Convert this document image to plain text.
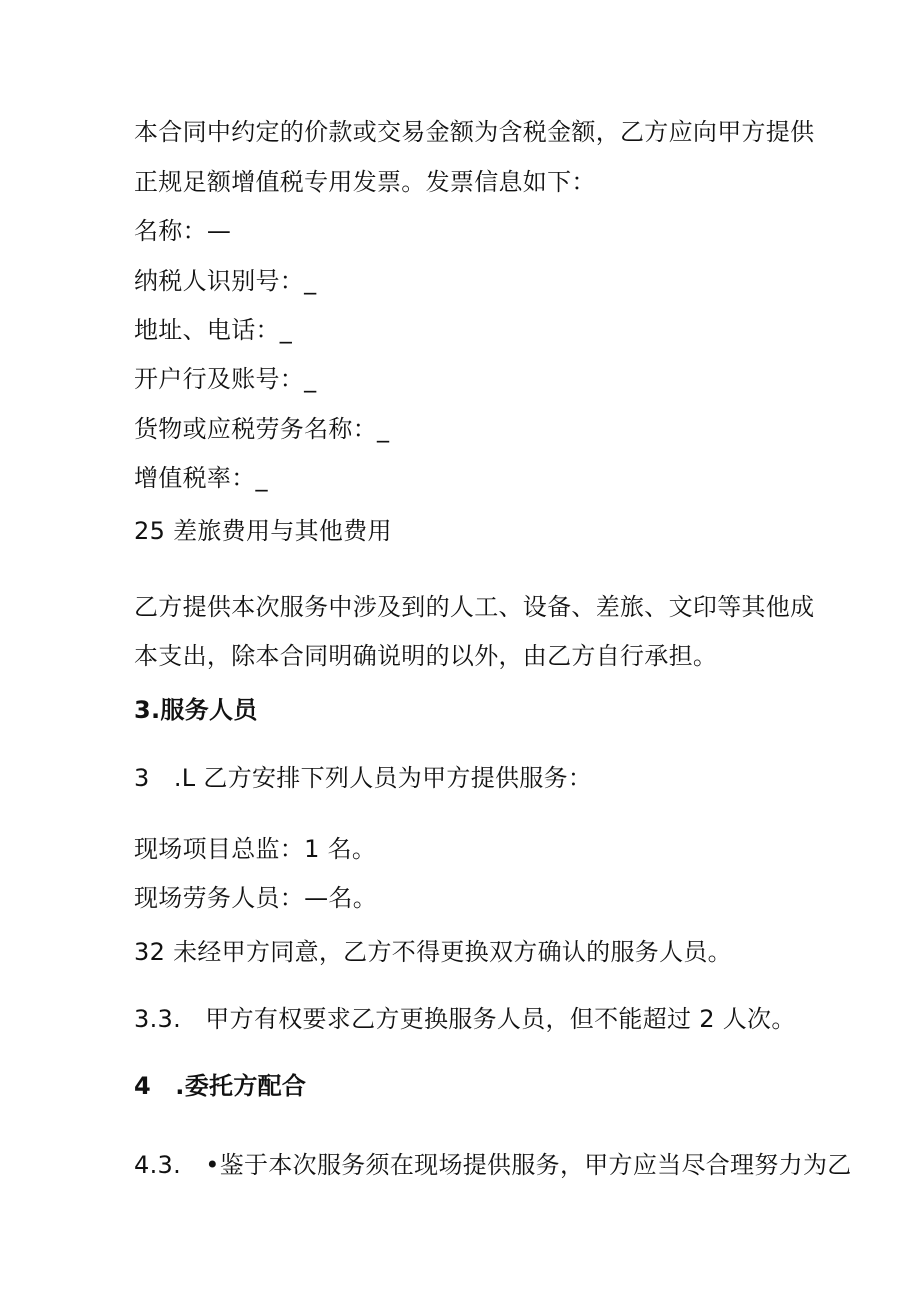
本合同中约定的价款或交易金额为含税金额，乙方应向甲方提供
正规足额增值税专用发票。发票信息如下：
名称：—
纳税人识别号：_
地址、电话：_
开户行及账号：_
货物或应税劳务名称：_
增值税率：_
25 差旅费用与其他费用
乙方提供本次服务中涉及到的人工、设备、差旅、文印等其他成
本支出，除本合同明确说明的以外，由乙方自行承担。
3.服务人员
3　.L 乙方安排下列人员为甲方提供服务：
现场项目总监：1 名。
现场劳务人员：—名。
32 未经甲方同意，乙方不得更换双方确认的服务人员。
3.3.　甲方有权要求乙方更换服务人员，但不能超过 2 人次。
4　.委托方配合
4.3.　•鉴于本次服务须在现场提供服务，甲方应当尽合理努力为乙
